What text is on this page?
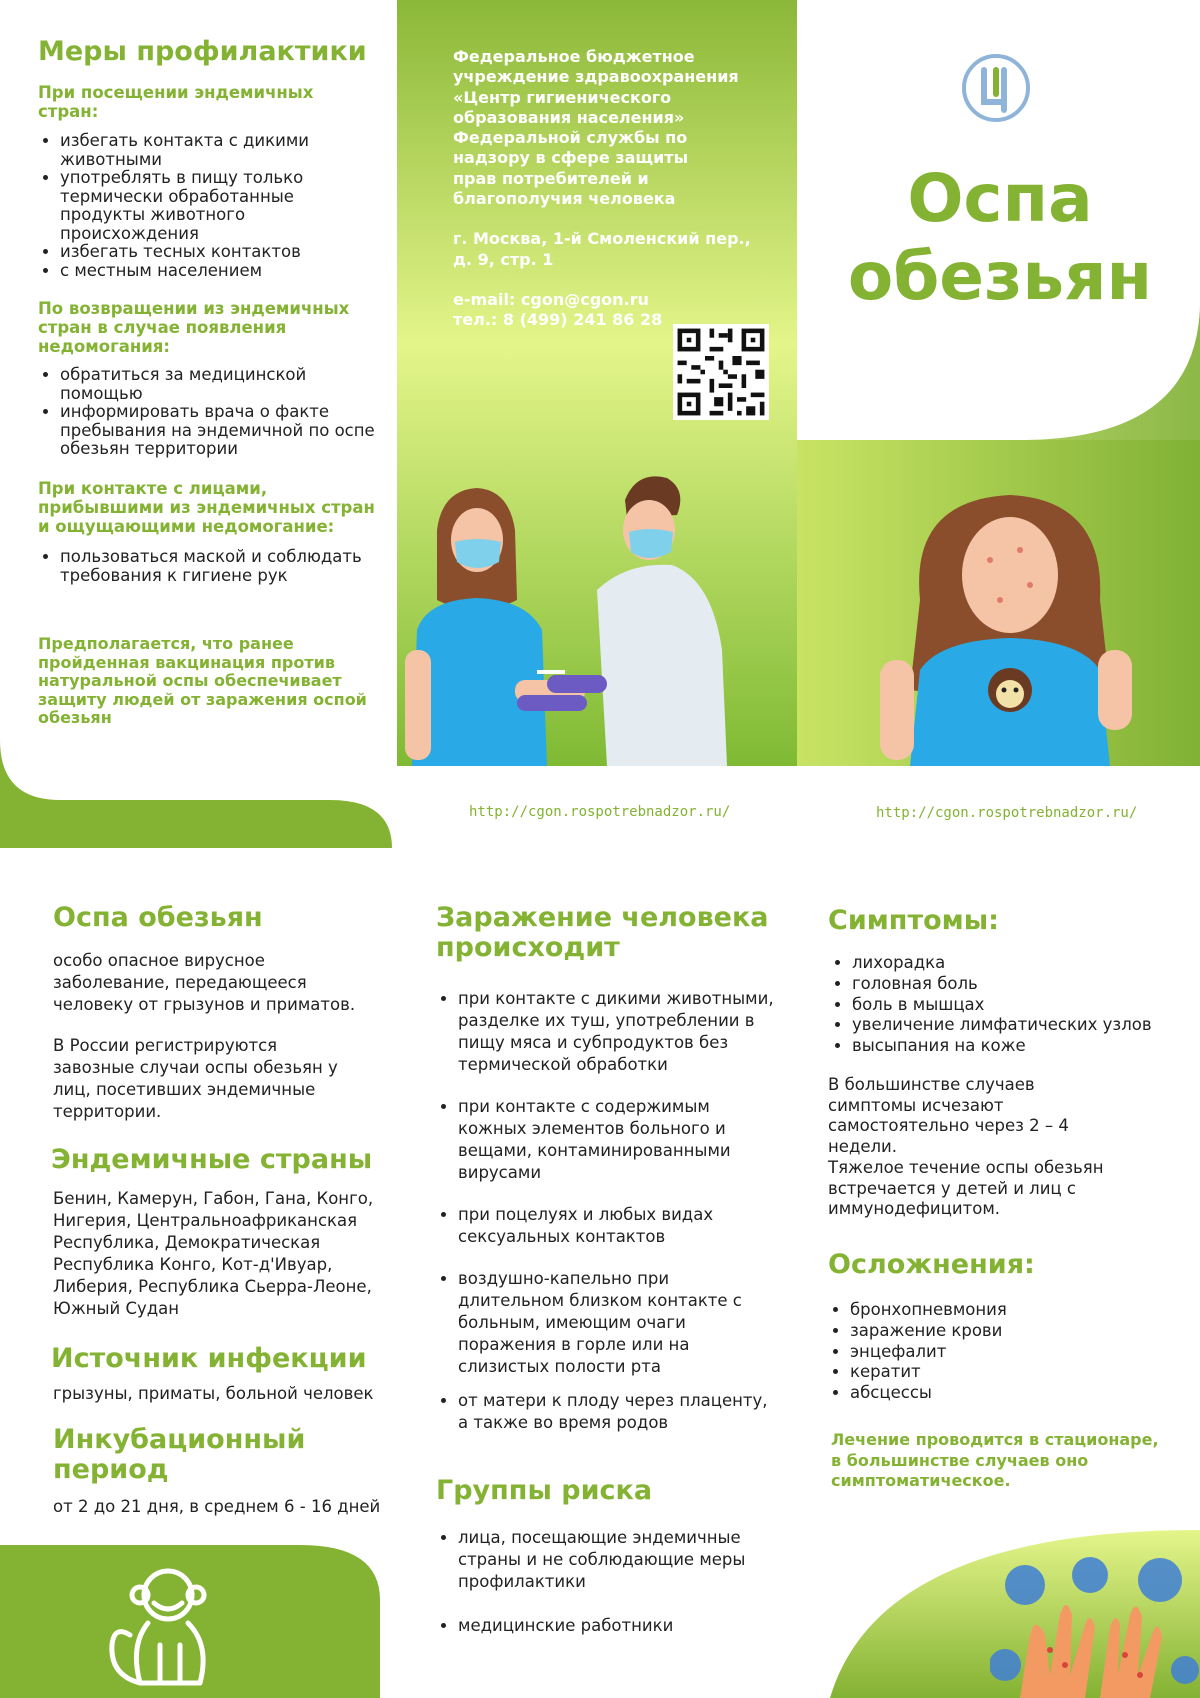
Меры профилактики
При посещении эндемичных стран:
• избегать контакта с дикими животными
• употреблять в пищу только термически обработанные продукты животного происхождения
• избегать тесных контактов
• с местным населением
По возвращении из эндемичных стран в случае появления недомогания:
• обратиться за медицинской помощью
• информировать врача о факте пребывания на эндемичной по оспе обезьян территории
При контакте с лицами, прибывшими из эндемичных стран и ощущающими недомогание:
• пользоваться маской и соблюдать требования к гигиене рук
Предполагается, что ранее пройденная вакцинация против натуральной оспы обеспечивает защиту людей от заражения оспой обезьян

Федеральное бюджетное

учреждение здравоохранения

«Центр гигиенического

образования населения»

Федеральной службы по

надзору в сфере защиты

прав потребителей и

благополучия человека

г. Москва, 1-й Смоленский пер.,

д. 9, стр. 1

e-mail: cgon@cgon.ru

тел.: 8 (499) 241 86 28

Оспа
обезьян
http://cgon.rospotrebnadzor.ru/	http://cgon.rospotrebnadzor.ru/
Оспа обезьян

особо опасное вирусное заболевание, передающееся человеку от грызунов и приматов.

В России регистрируются завозные случаи оспы обезьян у лиц, посетивших эндемичные территории.

Эндемичные страны

Бенин, Камерун, Габон, Гана, Конго, Нигерия, Центральноафриканская Республика, Демократическая Республика Конго, Кот-д'Ивуар, Либерия, Республика Сьерра-Леоне, Южный Судан

Источник инфекции

грызуны, приматы, больной человек

Инкубационный период

от 2 до 21 дня, в среднем 6 - 16 дней

Заражение человека происходит
• при контакте с дикими животными, разделке их туш, употреблении в пищу мяса и субпродуктов без термической обработки
• при контакте с содержимым кожных элементов больного и вещами, контаминированными вирусами
• при поцелуях и любых видах сексуальных контактов
• воздушно-капельно при длительном близком контакте с больным, имеющим очаги поражения в горле или на слизистых полости рта
• от матери к плоду через плаценту, а также во время родов
Группы риска
• лица, посещающие эндемичные страны и не соблюдающие меры профилактики
• медицинские работники
Симптомы:
• лихорадка
• головная боль
• боль в мышцах
• увеличение лимфатических узлов
• высыпания на коже

В большинстве случаев симптомы исчезают самостоятельно через 2 – 4 недели.

Тяжелое течение оспы обезьян встречается у детей и лиц с иммунодефицитом.

Осложнения:
• бронхопневмония
• заражение крови
• энцефалит
• кератит
• абсцессы

Лечение проводится в стационаре, в большинстве случаев оно симптоматическое.
